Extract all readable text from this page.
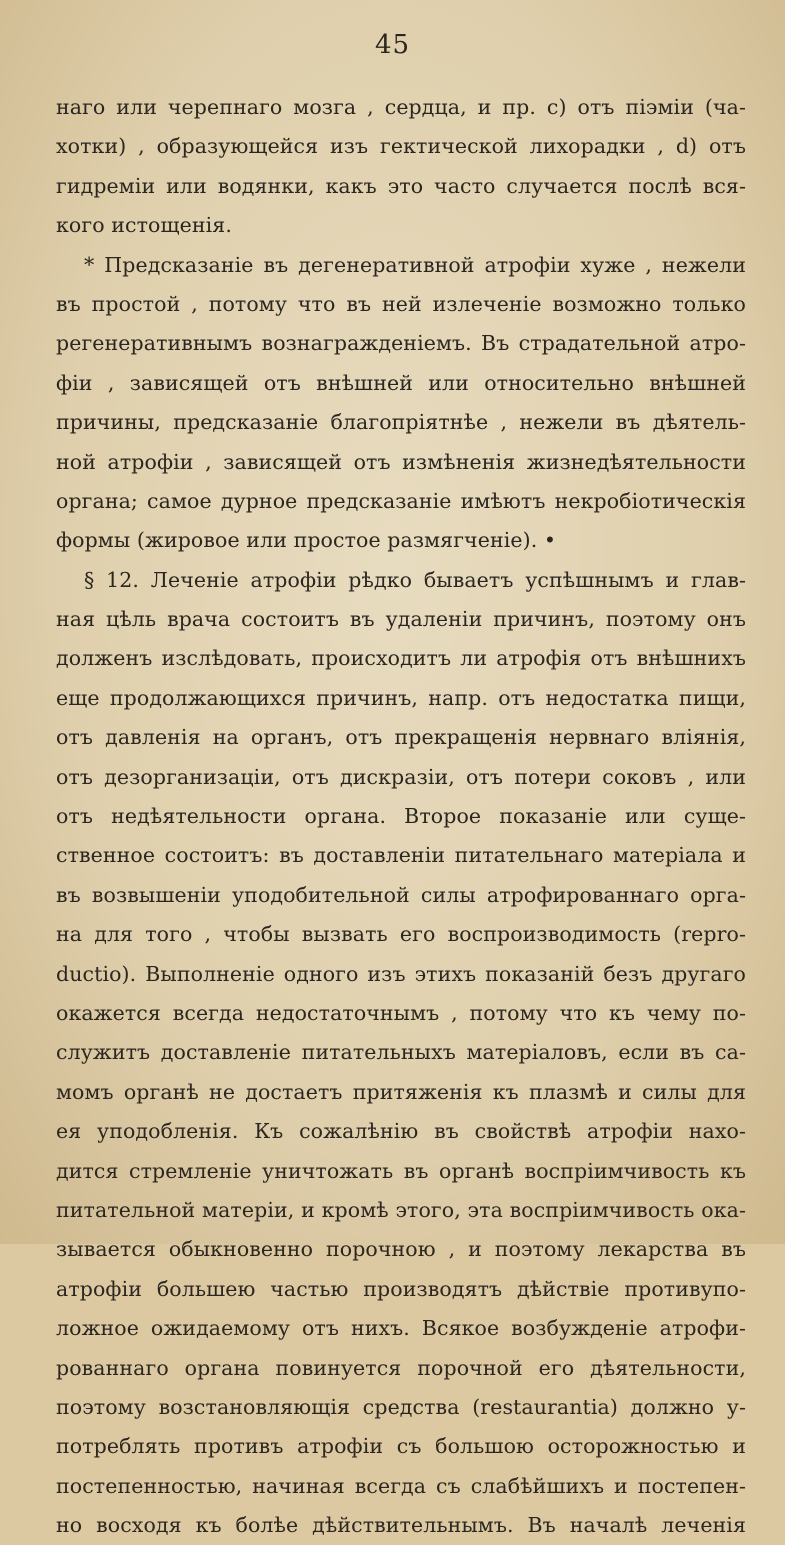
45
наго или черепнаго мозга , сердца, и пр. с) отъ піэміи (ча-
хотки) , образующейся изъ гектической лихорадки , d) отъ
гидреміи или водянки, какъ это часто случается послѣ вся-
кого истощенія.
* Предсказаніе въ дегенеративной атрофіи хуже , нежели
въ простой , потому что въ ней излеченіе возможно только
регенеративнымъ вознагражденіемъ. Въ страдательной атро-
фіи , зависящей отъ внѣшней или относительно внѣшней
причины, предсказаніе благопріятнѣе , нежели въ дѣятель-
ной атрофіи , зависящей отъ измѣненія жизнедѣятельности
органа; самое дурное предсказаніе имѣютъ некробіотическія
формы (жировое или простое размягченіе). •
§ 12. Леченіе атрофіи рѣдко бываетъ успѣшнымъ и глав-
ная цѣль врача состоитъ въ удаленіи причинъ, поэтому онъ
долженъ изслѣдовать, происходитъ ли атрофія отъ внѣшнихъ
еще продолжающихся причинъ, напр. отъ недостатка пищи,
отъ давленія на органъ, отъ прекращенія нервнаго вліянія,
отъ дезорганизаціи, отъ дискразіи, отъ потери соковъ , или
отъ недѣятельности органа. Второе показаніе или суще-
ственное состоитъ: въ доставленіи питательнаго матеріала и
въ возвышеніи уподобительной силы атрофированнаго орга-
на для того , чтобы вызвать его воспроизводимость (repro-
ductio). Выполненіе одного изъ этихъ показаній безъ другаго
окажется всегда недостаточнымъ , потому что къ чему по-
служитъ доставленіе питательныхъ матеріаловъ, если въ са-
момъ органѣ не достаетъ притяженія къ плазмѣ и силы для
ея уподобленія. Къ сожалѣнію въ свойствѣ атрофіи нахо-
дится стремленіе уничтожать въ органѣ воспріимчивость къ
питательной матеріи, и кромѣ этого, эта воспріимчивость ока-
зывается обыкновенно порочною , и поэтому лекарства въ
атрофіи большею частью производятъ дѣйствіе противупо-
ложное ожидаемому отъ нихъ. Всякое возбужденіе атрофи-
рованнаго органа повинуется порочной его дѣятельности,
поэтому возстановляющія средства (restaurantia) должно у-
потреблять противъ атрофіи съ большою осторожностью и
постепенностью, начиная всегда съ слабѣйшихъ и постепен-
но восходя къ болѣе дѣйствительнымъ. Въ началѣ леченія
